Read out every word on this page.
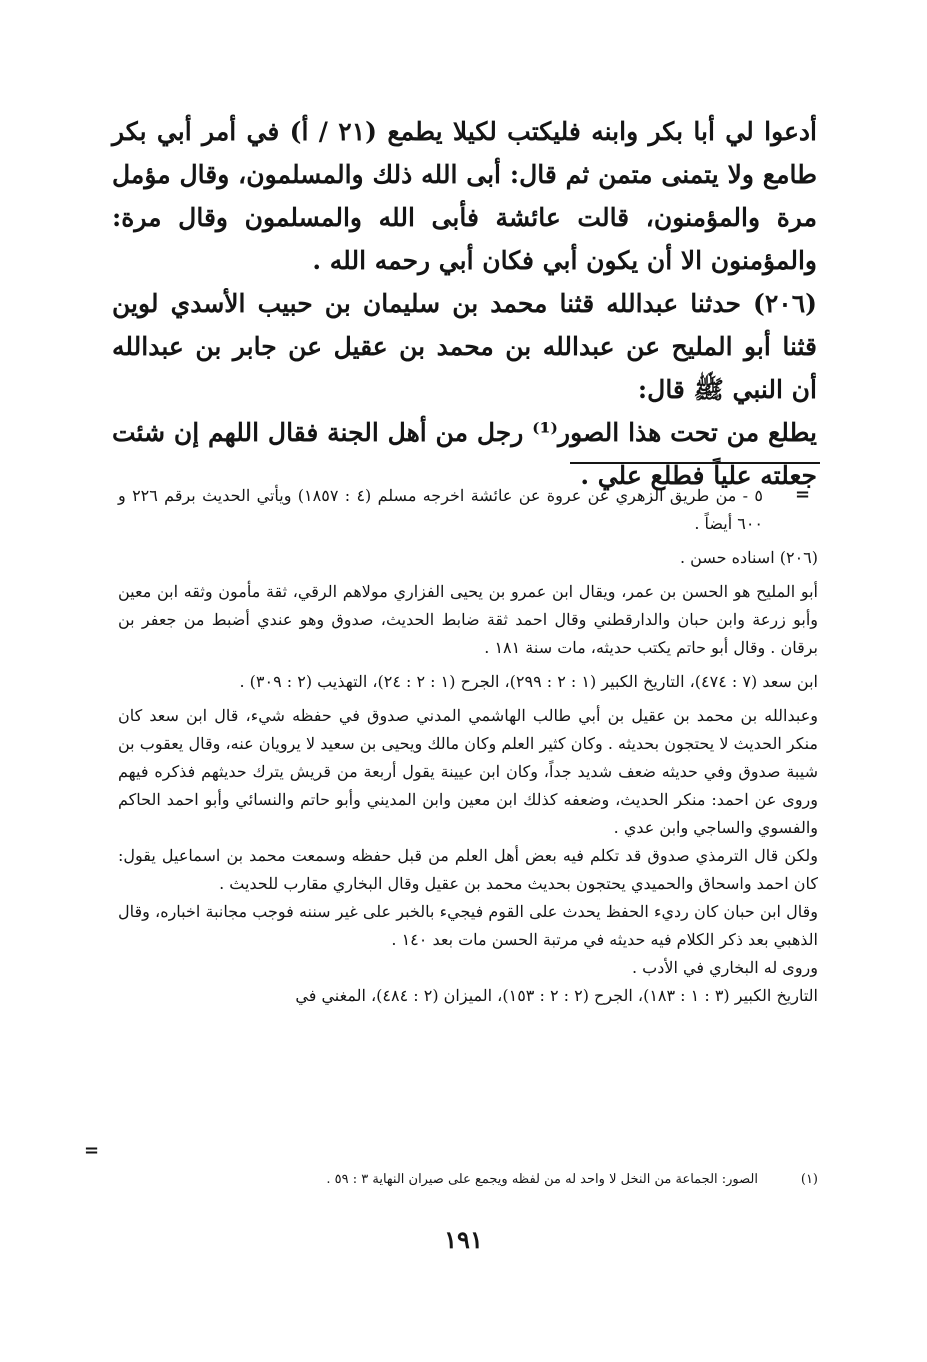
أدعوا لي أبا بكر وابنه فليكتب لكيلا يطمع (٢١ / أ) في أمر أبي بكر طامع ولا يتمنى متمن ثم قال: أبى الله ذلك والمسلمون، وقال مؤمل مرة والمؤمنون، قالت عائشة فأبى الله والمسلمون وقال مرة: والمؤمنون الا أن يكون أبي فكان أبي رحمه الله .

(٢٠٦) حدثنا عبدالله قثنا محمد بن سليمان بن حبيب الأسدي لوين قثنا أبو المليح عن عبدالله بن محمد بن عقيل عن جابر بن عبدالله أن النبي ﷺ قال:

يطلع من تحت هذا الصور⁽¹⁾ رجل من أهل الجنة فقال اللهم إن شئت جعلته علياً فطلع علي .

=

٥ - من طريق الزهري عن عروة عن عائشة اخرجه مسلم (٤ : ١٨٥٧) ويأتي الحديث برقم ٢٢٦ و ٦٠٠ أيضاً .

(٢٠٦) اسناده حسن .

أبو المليح هو الحسن بن عمر، ويقال ابن عمرو بن يحيى الفزاري مولاهم الرقي، ثقة مأمون وثقه ابن معين وأبو زرعة وابن حبان والدارقطني وقال احمد ثقة ضابط الحديث، صدوق وهو عندي أضبط من جعفر بن برقان . وقال أبو حاتم يكتب حديثه، مات سنة ١٨١ .

ابن سعد (٧ : ٤٧٤)، التاريخ الكبير (١ : ٢ : ٢٩٩)، الجرح (١ : ٢ : ٢٤)، التهذيب (٢ : ٣٠٩) .

وعبدالله بن محمد بن عقيل بن أبي طالب الهاشمي المدني صدوق في حفظه شيء، قال ابن سعد كان منكر الحديث لا يحتجون بحديثه . وكان كثير العلم وكان مالك ويحيى بن سعيد لا يرويان عنه، وقال يعقوب بن شيبة صدوق وفي حديثه ضعف شديد جداً، وكان ابن عيينة يقول أربعة من قريش يترك حديثهم فذكره فيهم وروى عن احمد: منكر الحديث، وضعفه كذلك ابن معين وابن المديني وأبو حاتم والنسائي وأبو احمد الحاكم والفسوي والساجي وابن عدي .

ولكن قال الترمذي صدوق قد تكلم فيه بعض أهل العلم من قبل حفظه وسمعت محمد بن اسماعيل يقول: كان احمد واسحاق والحميدي يحتجون بحديث محمد بن عقيل وقال البخاري مقارب للحديث .

وقال ابن حبان كان رديء الحفظ يحدث على القوم فيجيء بالخبر على غير سننه فوجب مجانبة اخباره، وقال الذهبي بعد ذكر الكلام فيه حديثه في مرتبة الحسن مات بعد ١٤٠ .

وروى له البخاري في الأدب .

التاريخ الكبير (٣ : ١ : ١٨٣)، الجرح (٢ : ٢ : ١٥٣)، الميزان (٢ : ٤٨٤)، المغني في

=
(١)
الصور: الجماعة من النخل لا واحد له من لفظه ويجمع على صيران النهاية ٣ : ٥٩ .
١٩١
